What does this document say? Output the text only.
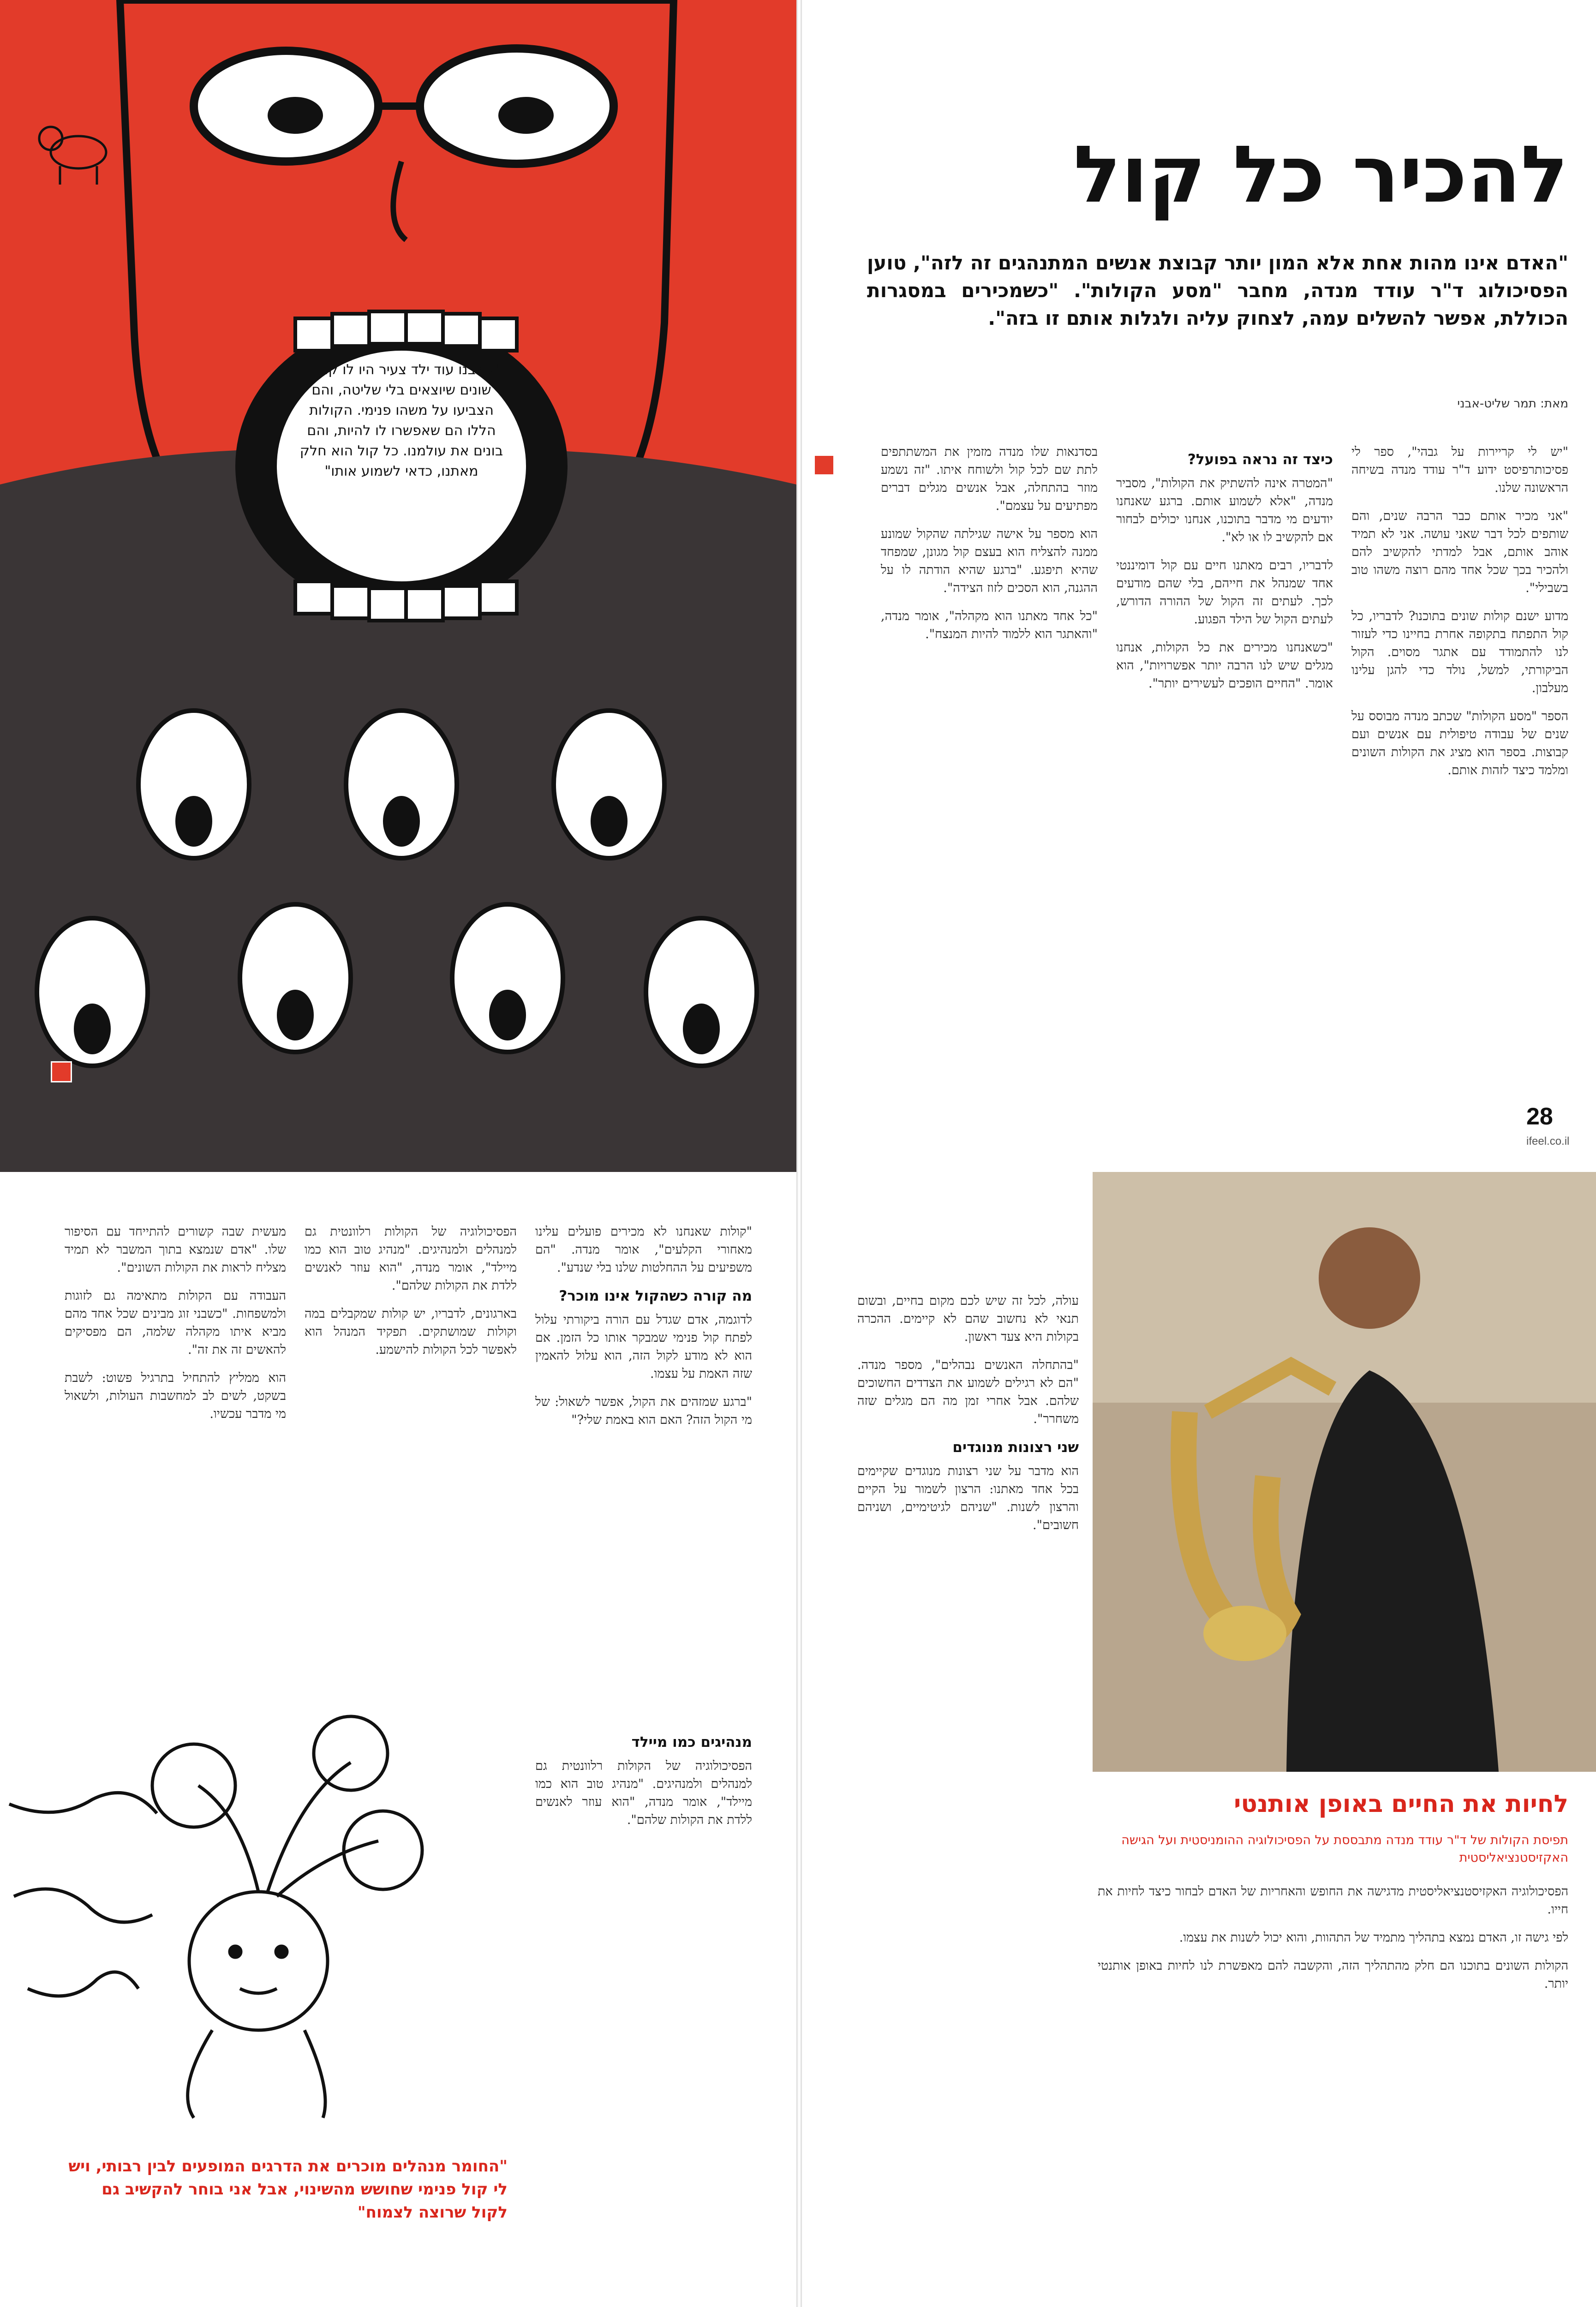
"כשבנו עוד ילד צעיר היו לו קולות שונים שיוצאים בלי שליטה, והם הצביעו על משהו פנימי. הקולות הללו הם שאפשרו לו להיות, והם בונים את עולמנו. כל קול הוא חלק מאתנו, כדאי לשמוע אותו"
להכיר כל קול
"האדם אינו מהות אחת אלא המון יותר קבוצת אנשים המתנהגים זה לזה", טוען הפסיכולוג ד"ר עודד מנדה, מחבר "מסע הקולות". "כשמכירים במסגרות הכוללת, אפשר להשלים עמה, לצחוק עליה ולגלות אותם זו בזה".
מאת: תמר שליט-אבני

"יש לי קריירות על גבהי", ספר לי פסיכותרפיסט ידוע ד"ר עודד מנדה בשיחה הראשונה שלנו.

"אני מכיר אותם כבר הרבה שנים, והם שותפים לכל דבר שאני עושה. אני לא תמיד אוהב אותם, אבל למדתי להקשיב להם ולהכיר בכך שכל אחד מהם רוצה משהו טוב בשבילי".

מדוע ישנם קולות שונים בתוכנו? לדבריו, כל קול התפתח בתקופה אחרת בחיינו כדי לעזור לנו להתמודד עם אתגר מסוים. הקול הביקורתי, למשל, נולד כדי להגן עלינו מעלבון.

הספר "מסע הקולות" שכתב מנדה מבוסס על שנים של עבודה טיפולית עם אנשים ועם קבוצות. בספר הוא מציג את הקולות השונים ומלמד כיצד לזהות אותם.

כיצד זה נראה בפועל?

"המטרה אינה להשתיק את הקולות", מסביר מנדה, "אלא לשמוע אותם. ברגע שאנחנו יודעים מי מדבר בתוכנו, אנחנו יכולים לבחור אם להקשיב לו או לא".

לדבריו, רבים מאתנו חיים עם קול דומיננטי אחד שמנהל את חייהם, בלי שהם מודעים לכך. לעתים זה הקול של ההורה הדורש, לעתים הקול של הילד הפגוע.

"כשאנחנו מכירים את כל הקולות, אנחנו מגלים שיש לנו הרבה יותר אפשרויות", הוא אומר. "החיים הופכים לעשירים יותר".

בסדנאות שלו מנדה מזמין את המשתתפים לתת שם לכל קול ולשוחח איתו. "זה נשמע מוזר בהתחלה, אבל אנשים מגלים דברים מפתיעים על עצמם".

הוא מספר על אישה שגילתה שהקול שמונע ממנה להצליח הוא בעצם קול מגונן, שמפחד שהיא תיפגע. "ברגע שהיא הודתה לו על ההגנה, הוא הסכים לזוז הצידה".

"כל אחד מאתנו הוא מקהלה", אומר מנדה, "והאתגר הוא ללמוד להיות המנצח".

28
ifeel.co.il

"קולות שאנחנו לא מכירים פועלים עלינו מאחורי הקלעים", אומר מנדה. "הם משפיעים על ההחלטות שלנו בלי שנדע".

מה קורה כשהקול אינו מוכר?

לדוגמה, אדם שגדל עם הורה ביקורתי עלול לפתח קול פנימי שמבקר אותו כל הזמן. אם הוא לא מודע לקול הזה, הוא עלול להאמין שזה האמת על עצמו.

"ברגע שמזהים את הקול, אפשר לשאול: של מי הקול הזה? האם הוא באמת שלי?"

הפסיכולוגיה של הקולות רלוונטית גם למנהלים ולמנהיגים. "מנהיג טוב הוא כמו מיילד", אומר מנדה, "הוא עוזר לאנשים ללדת את הקולות שלהם".

בארגונים, לדבריו, יש קולות שמקבלים במה וקולות שמושתקים. תפקיד המנהל הוא לאפשר לכל הקולות להישמע.

מעשית שבה קשורים להתייחד עם הסיפור שלו. "אדם שנמצא בתוך המשבר לא תמיד מצליח לראות את הקולות השונים".

העבודה עם הקולות מתאימה גם לזוגות ולמשפחות. "כשבני זוג מבינים שכל אחד מהם מביא איתו מקהלה שלמה, הם מפסיקים להאשים זה את זה".

הוא ממליץ להתחיל בתרגיל פשוט: לשבת בשקט, לשים לב למחשבות העולות, ולשאול מי מדבר עכשיו.

מנהיגים כמו מיילד

הפסיכולוגיה של הקולות רלוונטית גם למנהלים ולמנהיגים. "מנהיג טוב הוא כמו מיילד", אומר מנדה, "הוא עוזר לאנשים ללדת את הקולות שלהם".

"החומר מנהלים מוכרים את הדרגים המופעים לבין רבותי, ויש לי קול פנימי שחושש מהשינוי, אבל אני בוחר להקשיב גם לקול שרוצה לצמוח"

עולה, לכל זה שיש לכם מקום בחיים, ובשום תנאי לא נחשוב שהם לא קיימים. ההכרה בקולות היא צעד ראשון.

"בהתחלה האנשים נבהלים", מספר מנדה. "הם לא רגילים לשמוע את הצדדים החשוכים שלהם. אבל אחרי זמן מה הם מגלים שזה משחרר".

שני רצונות מנוגדים

הוא מדבר על שני רצונות מנוגדים שקיימים בכל אחד מאתנו: הרצון לשמור על הקיים והרצון לשנות. "שניהם לגיטימיים, ושניהם חשובים".

לחיות את החיים באופן אותנטי
תפיסת הקולות של ד"ר עודד מנדה מתבססת על הפסיכולוגיה ההומניסטית ועל הגישה האקזיסטנציאליסטית

הפסיכולוגיה האקזיסטנציאליסטית מדגישה את החופש והאחריות של האדם לבחור כיצד לחיות את חייו.

לפי גישה זו, האדם נמצא בתהליך מתמיד של התהוות, והוא יכול לשנות את עצמו.

הקולות השונים בתוכנו הם חלק מהתהליך הזה, והקשבה להם מאפשרת לנו לחיות באופן אותנטי יותר.
